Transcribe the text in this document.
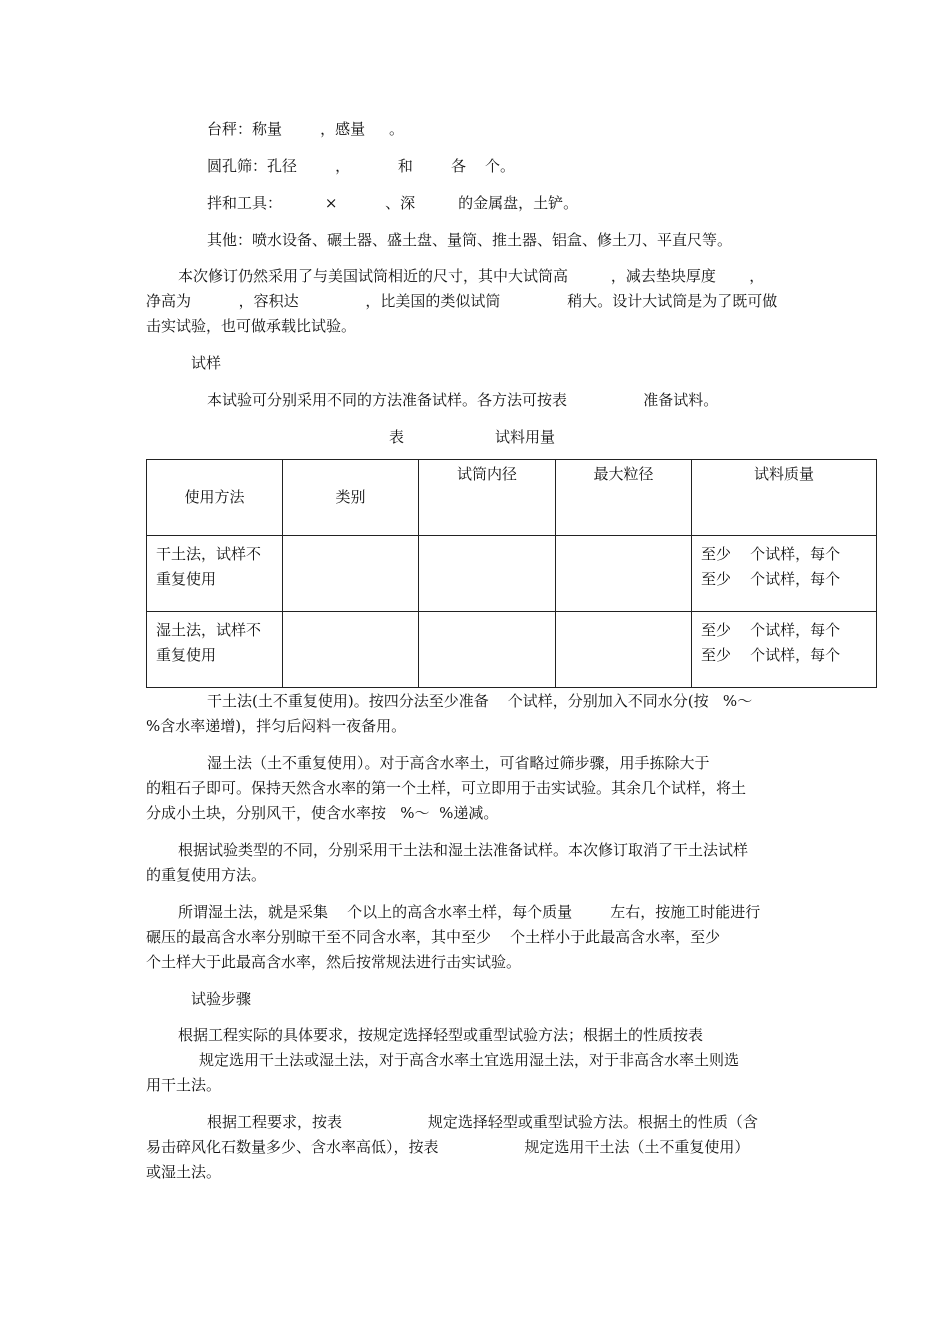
台秤：称量        ，感量     。
圆孔筛：孔径        ，          和        各    个。
拌和工具：         ×          、深         的金属盘，土铲。
其他：喷水设备、碾土器、盛土盘、量筒、推土器、铝盒、修土刀、平直尺等。
本次修订仍然采用了与美国试筒相近的尺寸，其中大试筒高         ，减去垫块厚度       ，
净高为          ，容积达              ，比美国的类似试筒              稍大。设计大试筒是为了既可做
击实试验，也可做承载比试验。
试样
本试验可分别采用不同的方法准备试样。各方法可按表                准备试料。
表	试料用量
使用方法	类别	试筒内径	最大粒径	试料质量

干土法，试样不
重复使用				至少    个试样，每个
至少    个试样，每个

湿土法，试样不
重复使用				至少    个试样，每个
至少    个试样，每个
干土法(土不重复使用)。按四分法至少准备    个试样，分别加入不同水分(按   %～
%含水率递增)，拌匀后闷料一夜备用。
湿土法（土不重复使用）。对于高含水率土，可省略过筛步骤，用手拣除大于
的粗石子即可。保持天然含水率的第一个土样，可立即用于击实试验。其余几个试样，将土
分成小土块，分别风干，使含水率按   %～  %递减。
根据试验类型的不同，分别采用干土法和湿土法准备试样。本次修订取消了干土法试样
的重复使用方法。
所谓湿土法，就是采集    个以上的高含水率土样，每个质量        左右，按施工时能进行
碾压的最高含水率分别晾干至不同含水率，其中至少    个土样小于此最高含水率，至少
个土样大于此最高含水率，然后按常规法进行击实试验。
试验步骤
根据工程实际的具体要求，按规定选择轻型或重型试验方法；根据土的性质按表
规定选用干土法或湿土法，对于高含水率土宜选用湿土法，对于非高含水率土则选
用干土法。
根据工程要求，按表                  规定选择轻型或重型试验方法。根据土的性质（含
易击碎风化石数量多少、含水率高低），按表                  规定选用干土法（土不重复使用）
或湿土法。
